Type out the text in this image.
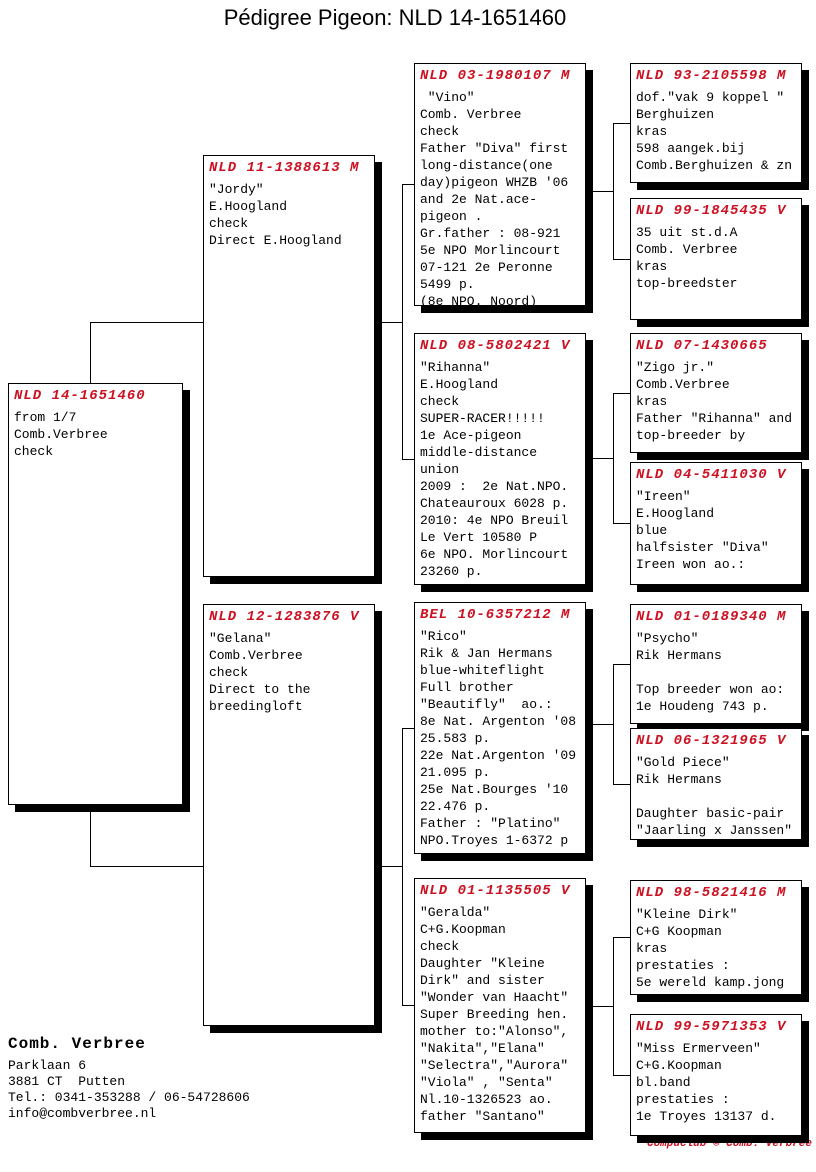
Pédigree Pigeon: NLD 14-1651460
NLD 14-1651460
from 1/7
Comb.Verbree
check
NLD 11-1388613 M
"Jordy"
E.Hoogland
check
Direct E.Hoogland
NLD 12-1283876 V
"Gelana"
Comb.Verbree
check
Direct to the
breedingloft
NLD 03-1980107 M
"Vino"
Comb. Verbree
check
Father "Diva" first
long-distance(one
day)pigeon WHZB '06
and 2e Nat.ace-
pigeon .
Gr.father : 08-921
5e NPO Morlincourt
07-121 2e Peronne
5499 p.
(8e NPO. Noord)
NLD 08-5802421 V
"Rihanna"
E.Hoogland
check
SUPER-RACER!!!!!
1e Ace-pigeon
middle-distance
union
2009 :  2e Nat.NPO.
Chateauroux 6028 p.
2010: 4e NPO Breuil
Le Vert 10580 P
6e NPO. Morlincourt
23260 p.
BEL 10-6357212 M
"Rico"
Rik & Jan Hermans
blue-whiteflight
Full brother
"Beautifly"  ao.:
8e Nat. Argenton '08
25.583 p.
22e Nat.Argenton '09
21.095 p.
25e Nat.Bourges '10
22.476 p.
Father : "Platino"
NPO.Troyes 1-6372 p
NLD 01-1135505 V
"Geralda"
C+G.Koopman
check
Daughter "Kleine
Dirk" and sister
"Wonder van Haacht"
Super Breeding hen.
mother to:"Alonso",
"Nakita","Elana"
"Selectra","Aurora"
"Viola" , "Senta"
Nl.10-1326523 ao.
father "Santano"
NLD 93-2105598 M
dof."vak 9 koppel "
Berghuizen
kras
598 aangek.bij
Comb.Berghuizen & zn
NLD 99-1845435 V
35 uit st.d.A
Comb. Verbree
kras
top-breedster
NLD 07-1430665
"Zigo jr."
Comb.Verbree
kras
Father "Rihanna" and
top-breeder by
NLD 04-5411030 V
"Ireen"
E.Hoogland
blue
halfsister "Diva"
Ireen won ao.:
NLD 01-0189340 M
"Psycho"
Rik Hermans

Top breeder won ao:
1e Houdeng 743 p.
NLD 06-1321965 V
"Gold Piece"
Rik Hermans

Daughter basic-pair
"Jaarling x Janssen"
NLD 98-5821416 M
"Kleine Dirk"
C+G Koopman
kras
prestaties :
5e wereld kamp.jong
NLD 99-5971353 V
"Miss Ermerveen"
C+G.Koopman
bl.band
prestaties :
1e Troyes 13137 d.
Comb. Verbree
Parklaan 6
3881 CT  Putten
Tel.: 0341-353288 / 06-54728606
info@combverbree.nl
Compuclub © Comb. Verbree
